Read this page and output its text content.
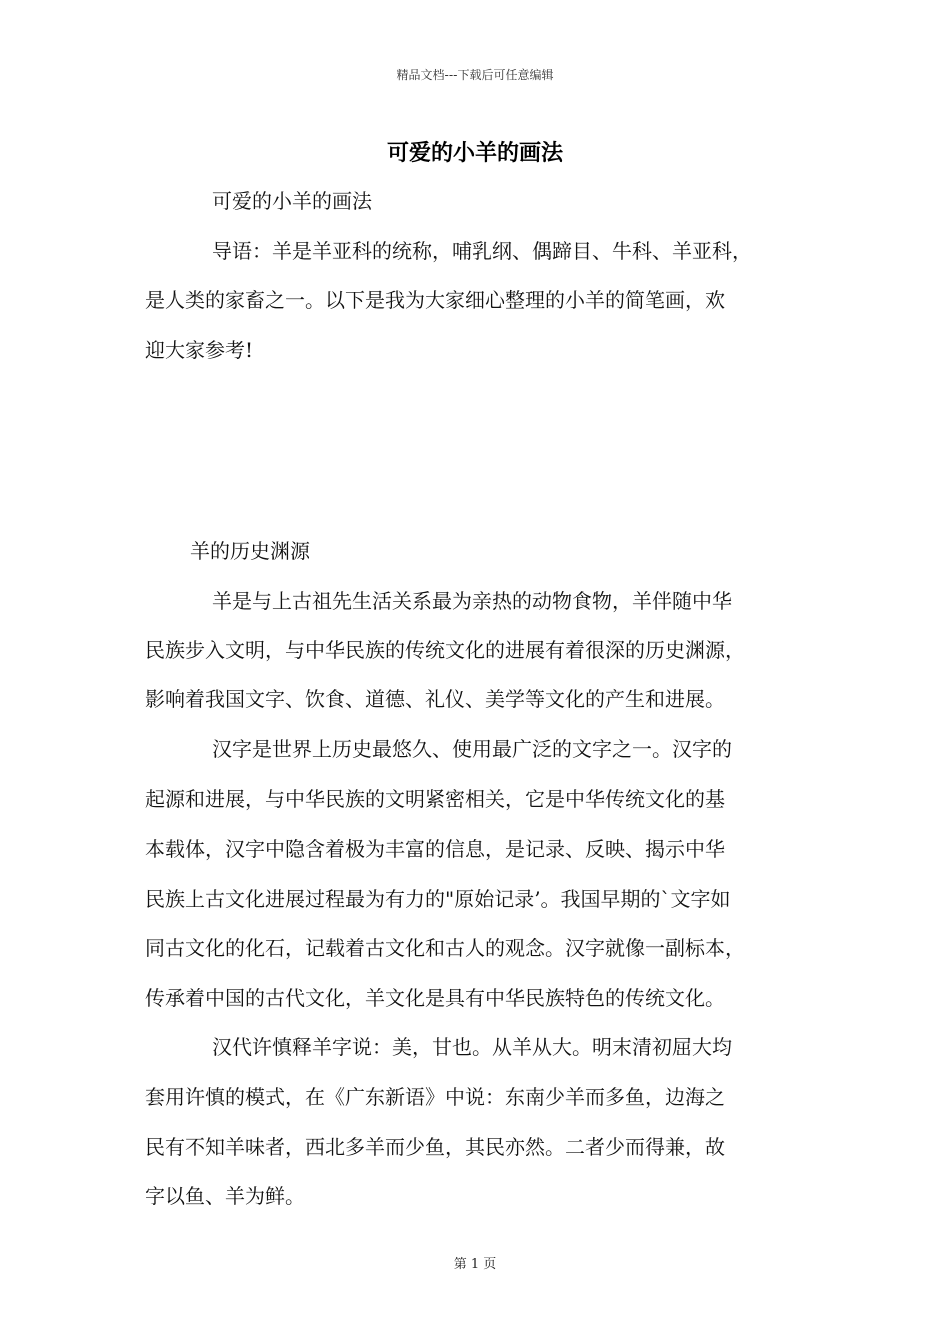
精品文档---下载后可任意编辑
可爱的小羊的画法
可爱的小羊的画法
导语：羊是羊亚科的统称，哺乳纲、偶蹄目、牛科、羊亚科，
是人类的家畜之一。以下是我为大家细心整理的小羊的简笔画，欢
迎大家参考!
羊的历史渊源
羊是与上古祖先生活关系最为亲热的动物食物，羊伴随中华
民族步入文明，与中华民族的传统文化的进展有着很深的历史渊源，
影响着我国文字、饮食、道德、礼仪、美学等文化的产生和进展。
汉字是世界上历史最悠久、使用最广泛的文字之一。汉字的
起源和进展，与中华民族的文明紧密相关，它是中华传统文化的基
本载体，汉字中隐含着极为丰富的信息，是记录、反映、揭示中华
民族上古文化进展过程最为有力的"原始记录’。我国早期的`文字如
同古文化的化石，记载着古文化和古人的观念。汉字就像一副标本，
传承着中国的古代文化，羊文化是具有中华民族特色的传统文化。
汉代许慎释羊字说：美，甘也。从羊从大。明末清初屈大均
套用许慎的模式，在《广东新语》中说：东南少羊而多鱼，边海之
民有不知羊味者，西北多羊而少鱼，其民亦然。二者少而得兼，故
字以鱼、羊为鲜。
第 1 页
